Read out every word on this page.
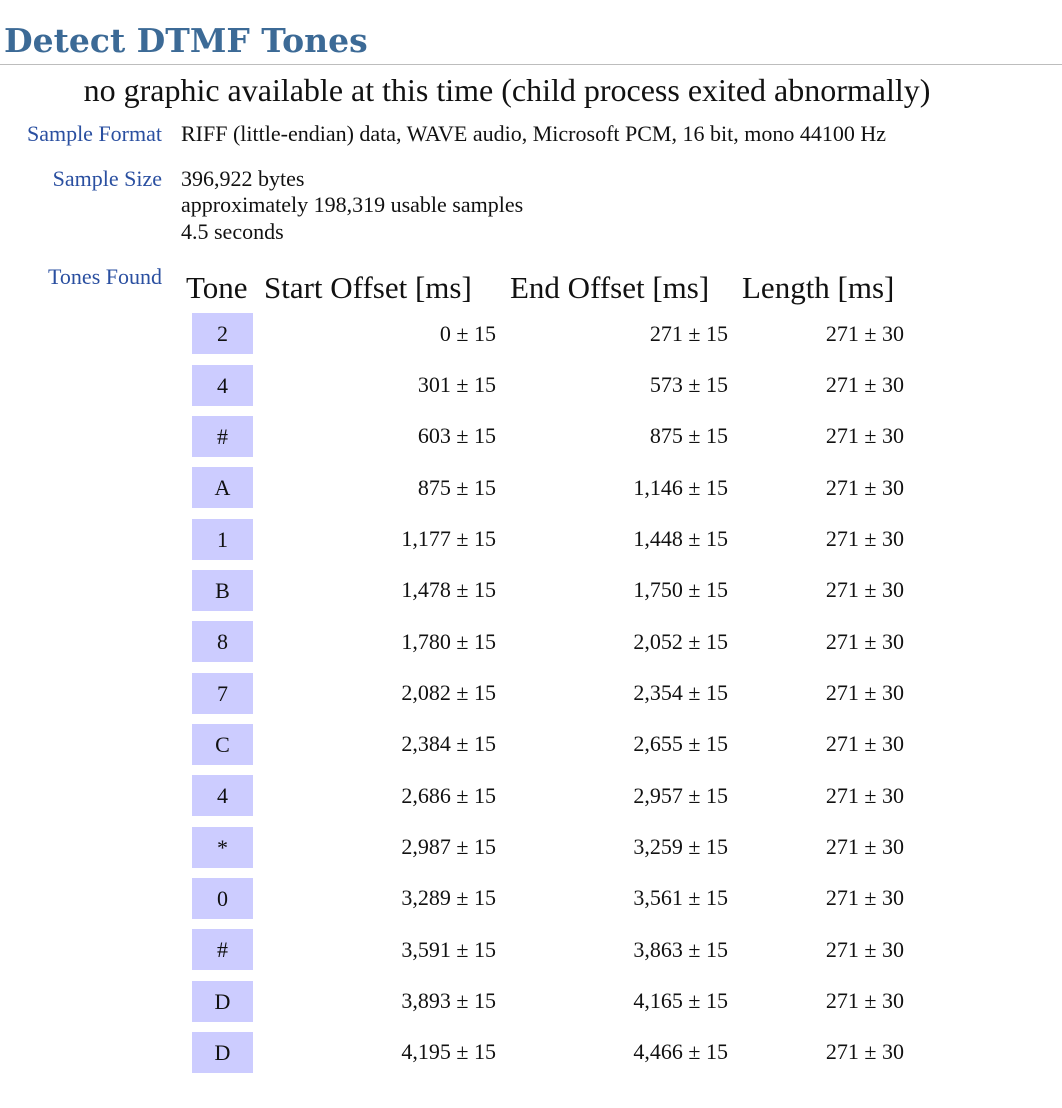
Detect DTMF Tones
no graphic available at this time (child process exited abnormally)
Sample Format RIFF (little-endian) data, WAVE audio, Microsoft PCM, 16 bit, mono 44100 Hz
Sample Size 396,922 bytes
approximately 198,319 usable samples
4.5 seconds
Tones Found Tone	Start Offset [ms]	End Offset [ms]	Length [ms]
2	0 ± 15	271 ± 15	271 ± 30
4	301 ± 15	573 ± 15	271 ± 30
#	603 ± 15	875 ± 15	271 ± 30
A	875 ± 15	1,146 ± 15	271 ± 30
1	1,177 ± 15	1,448 ± 15	271 ± 30
B	1,478 ± 15	1,750 ± 15	271 ± 30
8	1,780 ± 15	2,052 ± 15	271 ± 30
7	2,082 ± 15	2,354 ± 15	271 ± 30
C	2,384 ± 15	2,655 ± 15	271 ± 30
4	2,686 ± 15	2,957 ± 15	271 ± 30
*	2,987 ± 15	3,259 ± 15	271 ± 30
0	3,289 ± 15	3,561 ± 15	271 ± 30
#	3,591 ± 15	3,863 ± 15	271 ± 30
D	3,893 ± 15	4,165 ± 15	271 ± 30
D	4,195 ± 15	4,466 ± 15	271 ± 30
